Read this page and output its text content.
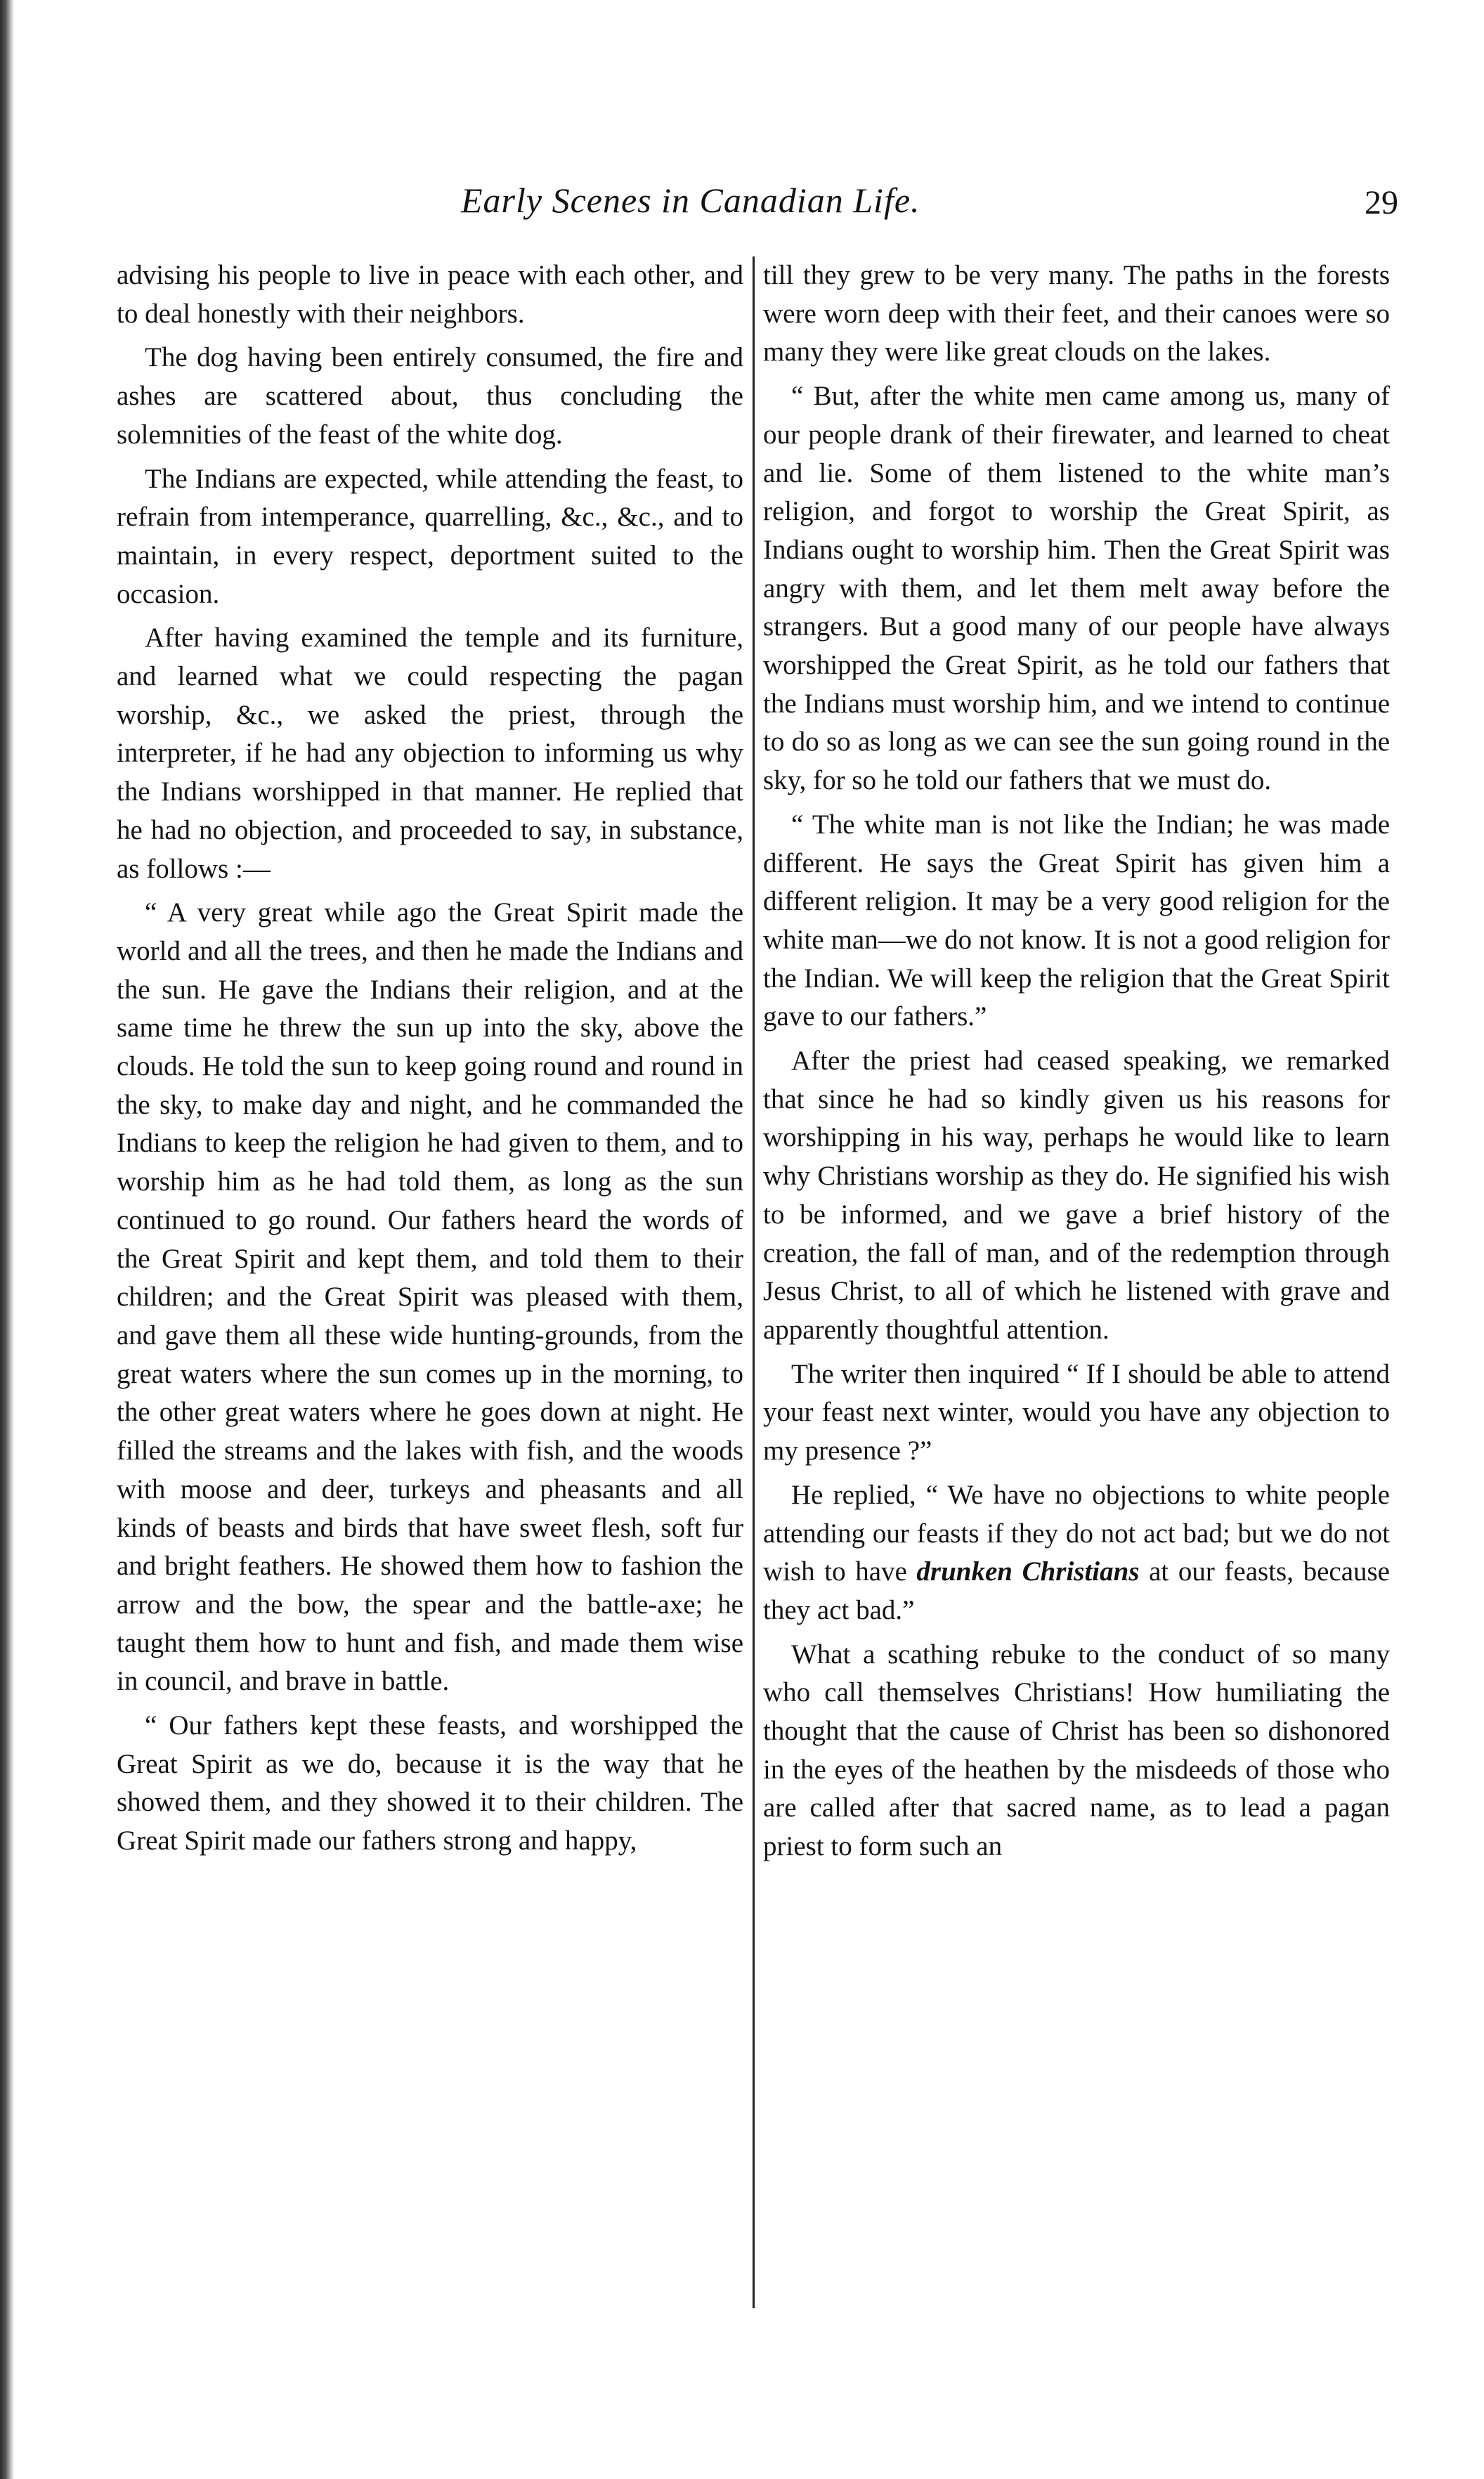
Early Scenes in Canadian Life.	29

advising his people to live in peace with each other, and to deal honestly with their neighbors.

The dog having been entirely consumed, the fire and ashes are scattered about, thus concluding the solemnities of the feast of the white dog.

The Indians are expected, while attending the feast, to refrain from intemperance, quarrelling, &c., &c., and to maintain, in every respect, deportment suited to the occasion.

After having examined the temple and its furniture, and learned what we could respecting the pagan worship, &c., we asked the priest, through the interpreter, if he had any objection to informing us why the Indians worshipped in that manner. He replied that he had no objection, and proceeded to say, in substance, as follows :—

“ A very great while ago the Great Spirit made the world and all the trees, and then he made the Indians and the sun. He gave the Indians their religion, and at the same time he threw the sun up into the sky, above the clouds. He told the sun to keep going round and round in the sky, to make day and night, and he commanded the Indians to keep the religion he had given to them, and to worship him as he had told them, as long as the sun continued to go round. Our fathers heard the words of the Great Spirit and kept them, and told them to their children; and the Great Spirit was pleased with them, and gave them all these wide hunting-grounds, from the great waters where the sun comes up in the morning, to the other great waters where he goes down at night. He filled the streams and the lakes with fish, and the woods with moose and deer, turkeys and pheasants and all kinds of beasts and birds that have sweet flesh, soft fur and bright feathers. He showed them how to fashion the arrow and the bow, the spear and the battle-axe; he taught them how to hunt and fish, and made them wise in council, and brave in battle.

“ Our fathers kept these feasts, and worshipped the Great Spirit as we do, because it is the way that he showed them, and they showed it to their children. The Great Spirit made our fathers strong and happy,

till they grew to be very many. The paths in the forests were worn deep with their feet, and their canoes were so many they were like great clouds on the lakes.

“ But, after the white men came among us, many of our people drank of their firewater, and learned to cheat and lie. Some of them listened to the white man’s religion, and forgot to worship the Great Spirit, as Indians ought to worship him. Then the Great Spirit was angry with them, and let them melt away before the strangers. But a good many of our people have always worshipped the Great Spirit, as he told our fathers that the Indians must worship him, and we intend to continue to do so as long as we can see the sun going round in the sky, for so he told our fathers that we must do.

“ The white man is not like the Indian; he was made different. He says the Great Spirit has given him a different religion. It may be a very good religion for the white man—we do not know. It is not a good religion for the Indian. We will keep the religion that the Great Spirit gave to our fathers.”

After the priest had ceased speaking, we remarked that since he had so kindly given us his reasons for worshipping in his way, perhaps he would like to learn why Christians worship as they do. He signified his wish to be informed, and we gave a brief history of the creation, the fall of man, and of the redemption through Jesus Christ, to all of which he listened with grave and apparently thoughtful attention.

The writer then inquired “ If I should be able to attend your feast next winter, would you have any objection to my presence ?”

He replied, “ We have no objections to white people attending our feasts if they do not act bad; but we do not wish to have drunken Christians at our feasts, because they act bad.”

What a scathing rebuke to the conduct of so many who call themselves Christians! How humiliating the thought that the cause of Christ has been so dishonored in the eyes of the heathen by the misdeeds of those who are called after that sacred name, as to lead a pagan priest to form such an
